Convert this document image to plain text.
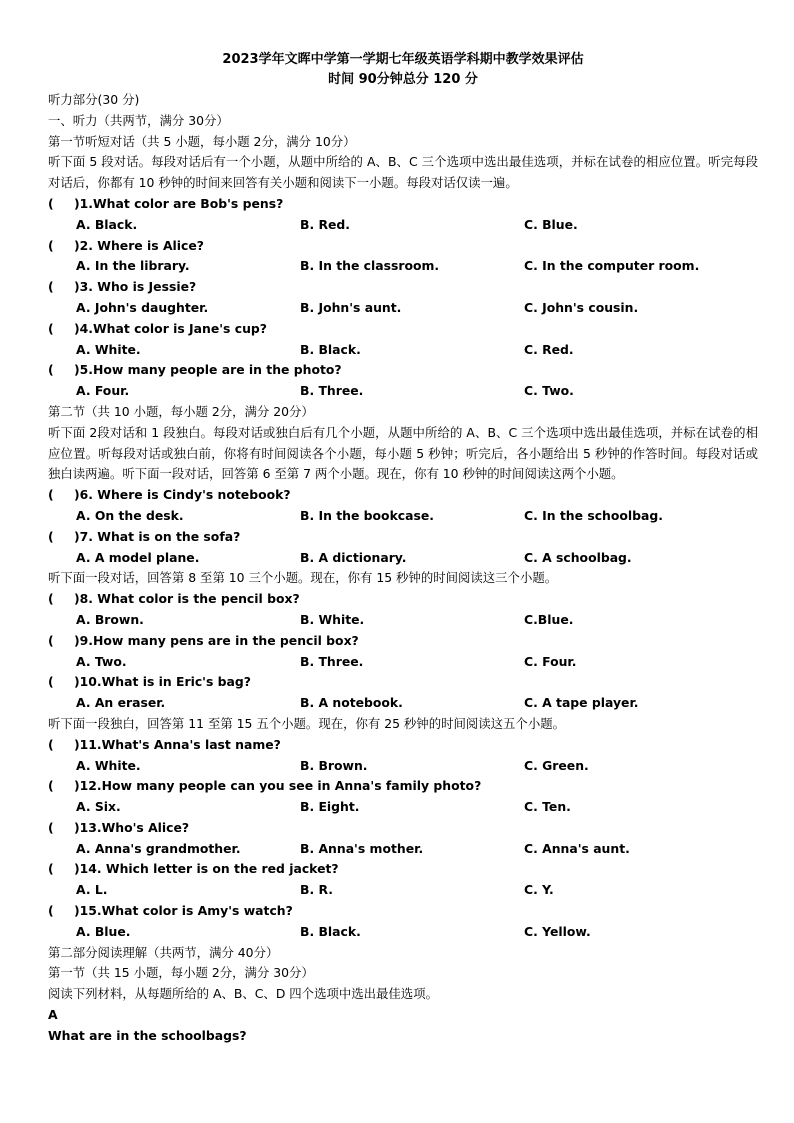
2023学年文晖中学第一学期七年级英语学科期中教学效果评估
时间 90分钟总分 120 分
听力部分(30 分)
一、听力（共两节，满分 30分）
第一节听短对话（共 5 小题，每小题 2分，满分 10分）
听下面 5 段对话。每段对话后有一个小题，从题中所给的 A、B、C 三个选项中选出最佳选项，并标在试卷的相应位置。听完每段对话后，你都有 10 秒钟的时间来回答有关小题和阅读下一小题。每段对话仅读一遍。
(	)1.What color are Bob's pens?
A. Black.	B. Red.	C. Blue.
(	)2. Where is Alice?
A. In the library.	B. In the classroom.	C. In the computer room.
(	)3. Who is Jessie?
A. John's daughter.	B. John's aunt.	C. John's cousin.
(	)4.What color is Jane's cup?
A. White.	B. Black.	C. Red.
(	)5.How many people are in the photo?
A. Four.	B. Three.	C. Two.
第二节（共 10 小题，每小题 2分，满分 20分）
听下面 2段对话和 1 段独白。每段对话或独白后有几个小题，从题中所给的 A、B、C 三个选项中选出最佳选项，并标在试卷的相应位置。听每段对话或独白前，你将有时间阅读各个小题，每小题 5 秒钟；听完后，各小题给出 5 秒钟的作答时间。每段对话或独白读两遍。听下面一段对话，回答第 6 至第 7 两个小题。现在，你有 10 秒钟的时间阅读这两个小题。
(	)6. Where is Cindy's notebook?
A. On the desk.	B. In the bookcase.	C. In the schoolbag.
(	)7. What is on the sofa?
A. A model plane.	B. A dictionary.	C. A schoolbag.
听下面一段对话，回答第 8 至第 10 三个小题。现在，你有 15 秒钟的时间阅读这三个小题。
(	)8. What color is the pencil box?
A. Brown.	B. White.	C.Blue.
(	)9.How many pens are in the pencil box?
A. Two.	B. Three.	C. Four.
(	)10.What is in Eric's bag?
A. An eraser.	B. A notebook.	C. A tape player.
听下面一段独白，回答第 11 至第 15 五个小题。现在，你有 25 秒钟的时间阅读这五个小题。
(	)11.What's Anna's last name?
A. White.	B. Brown.	C. Green.
(	)12.How many people can you see in Anna's family photo?
A. Six.	B. Eight.	C. Ten.
(	)13.Who's Alice?
A. Anna's grandmother.	B. Anna's mother.	C. Anna's aunt.
(	)14. Which letter is on the red jacket?
A. L.	B. R.	C. Y.
(	)15.What color is Amy's watch?
A. Blue.	B. Black.	C. Yellow.
第二部分阅读理解（共两节，满分 40分）
第一节（共 15 小题，每小题 2分，满分 30分）
阅读下列材料，从每题所给的 A、B、C、D 四个选项中选出最佳选项。
A
What are in the schoolbags?
